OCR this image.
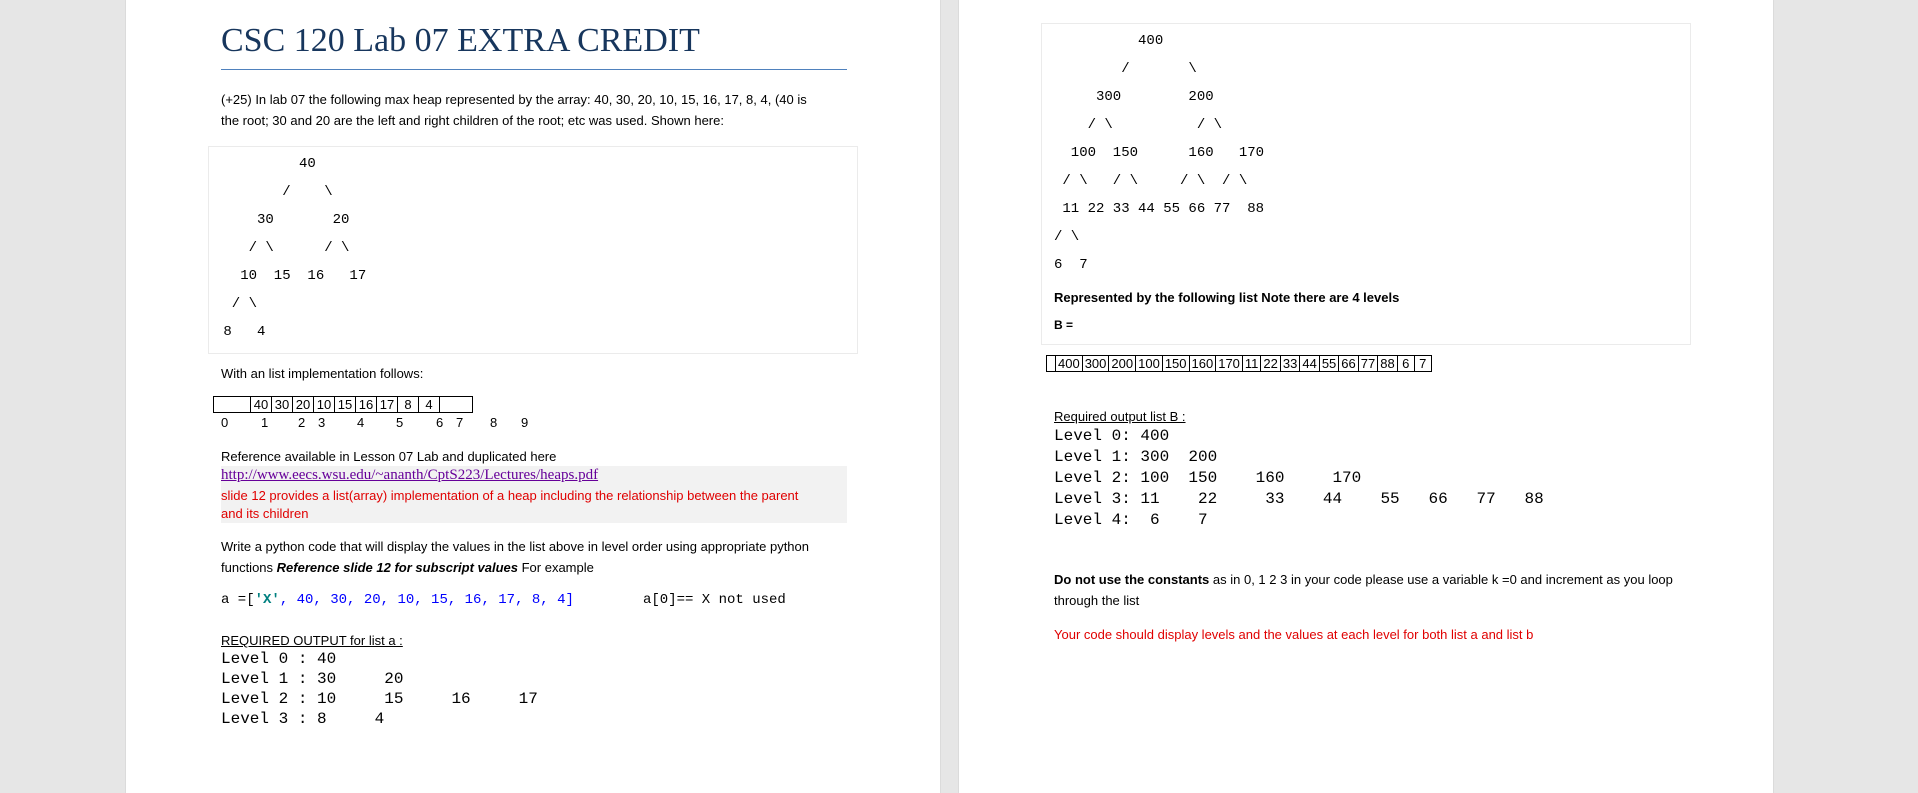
CSC 120 Lab 07 EXTRA CREDIT
(+25) In lab 07 the following max heap represented by the array: 40, 30, 20, 10, 15, 16, 17, 8, 4, (40 is
the root; 30 and 20 are the left and right children of the root; etc was used. Shown here:
40

/    \

30       20

/ \      / \

10  15  16   17

/ \

8   4
With an list implementation follows:
	40	30	20	10	15	16	17	8	4	
0	1 2 3 4 5	6 7 8 9
Reference available in Lesson 07 Lab and duplicated here
http://www.eecs.wsu.edu/~ananth/CptS223/Lectures/heaps.pdf
slide 12 provides a list(array) implementation of a heap including the relationship between the parent
and its children
Write a python code that will display the values in the list above in level order using appropriate python
functions Reference slide 12 for subscript values For example
a =['X', 40, 30, 20, 10, 15, 16, 17, 8, 4]	a[0]== X not used
REQUIRED OUTPUT for list a :
Level 0 : 40
Level 1 : 30     20
Level 2 : 10     15     16     17
Level 3 : 8     4
400

/       \

300        200

/ \          / \

100  150      160   170

/ \   / \     / \  / \

11 22 33 44 55 66 77  88

/ \

6  7
Represented by the following list Note there are 4 levels
B =
	400	300	200	100	150	160	170	11	22	33	44	55	66	77	88	6	7
Required output list B :
Level 0: 400
Level 1: 300  200
Level 2: 100  150    160     170
Level 3: 11    22     33    44    55   66   77   88
Level 4:  6    7
Do not use the constants as in 0, 1 2 3 in your code please use a variable k =0 and increment as you loop
through the list
Your code should display levels and the values at each level for both list a and list b
